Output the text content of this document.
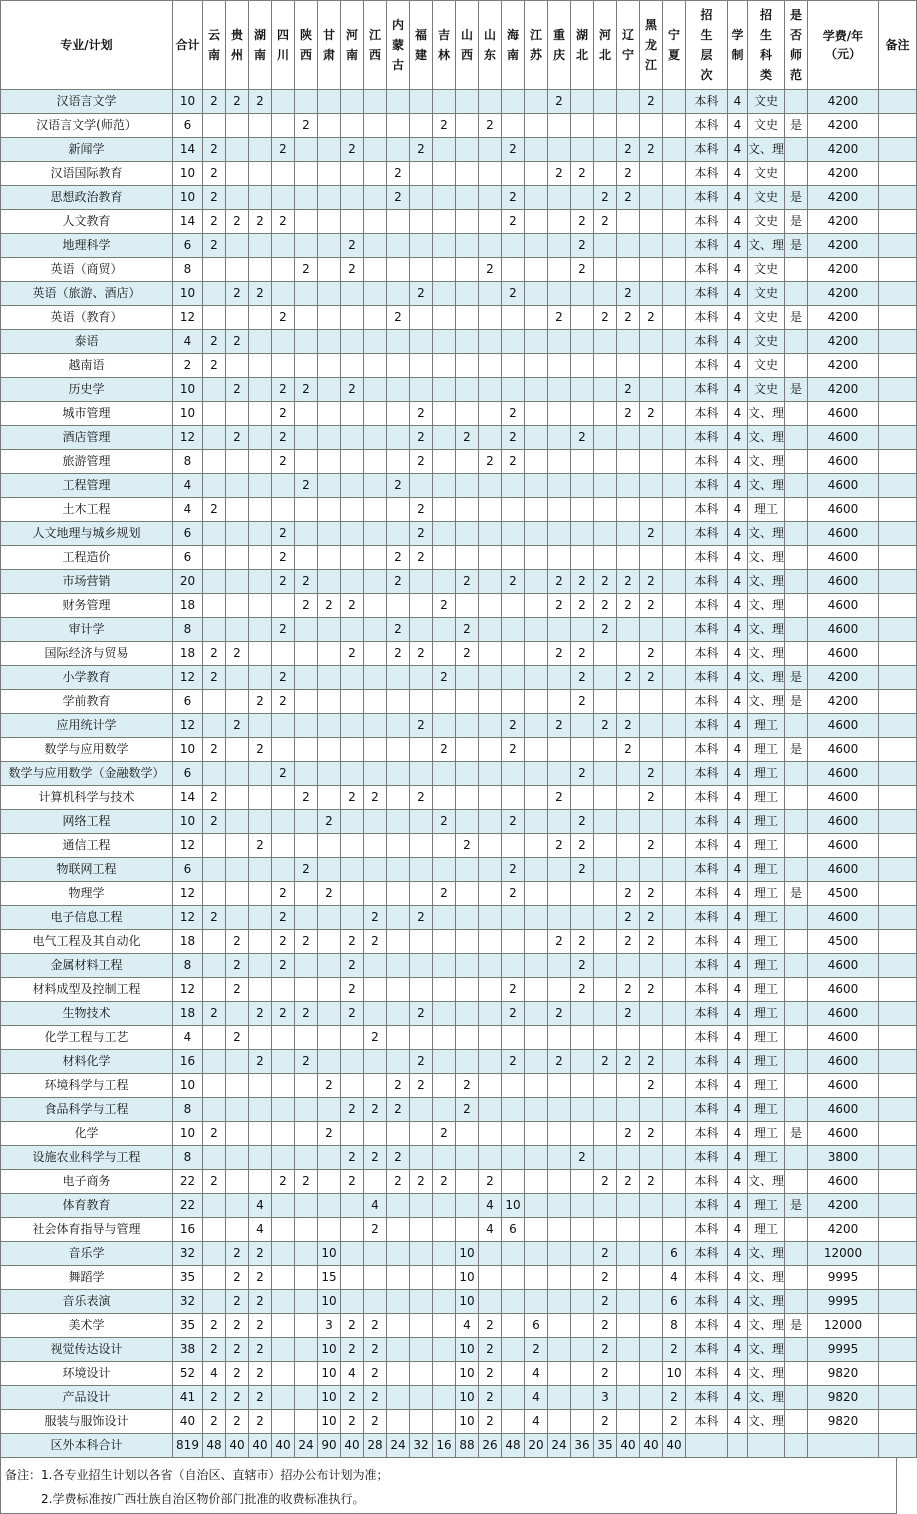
专业/计划	合计	云南	贵州	湖南	四川	陕西	甘肃	河南	江西	内蒙古	福建	吉林	山西	山东	海南	江苏	重庆	湖北	河北	辽宁	黑龙江	宁夏	招生层次	学制	招生科类	是否师范	学费/年（元）	备注
汉语言文学	10	2	2	2													2				2		本科	4	文史		4200	
汉语言文学(师范）	6					2						2		2									本科	4	文史	是	4200	
新闻学	14	2			2			2			2				2					2	2		本科	4	文、理		4200	
汉语国际教育	10	2								2							2	2		2			本科	4	文史		4200	
思想政治教育	10	2								2					2				2	2			本科	4	文史	是	4200	
人文教育	14	2	2	2	2										2			2	2				本科	4	文史	是	4200	
地理科学	6	2						2										2					本科	4	文、理	是	4200	
英语（商贸）	8					2		2						2				2					本科	4	文史		4200	
英语（旅游、酒店）	10		2	2							2				2					2			本科	4	文史		4200	
英语（教育）	12				2					2							2		2	2	2		本科	4	文史	是	4200	
泰语	4	2	2																				本科	4	文史		4200	
越南语	2	2																					本科	4	文史		4200	
历史学	10		2		2	2		2												2			本科	4	文史	是	4200	
城市管理	10				2						2				2					2	2		本科	4	文、理		4600	
酒店管理	12		2		2						2		2		2			2					本科	4	文、理		4600	
旅游管理	8				2						2			2	2								本科	4	文、理		4600	
工程管理	4					2				2													本科	4	文、理		4600	
土木工程	4	2									2												本科	4	理工		4600	
人文地理与城乡规划	6				2						2										2		本科	4	文、理		4600	
工程造价	6				2					2	2												本科	4	文、理		4600	
市场营销	20				2	2				2			2		2		2	2	2	2	2		本科	4	文、理		4600	
财务管理	18					2	2	2				2					2	2	2	2	2		本科	4	文、理		4600	
审计学	8				2					2			2						2				本科	4	文、理		4600	
国际经济与贸易	18	2	2					2		2	2		2				2	2			2		本科	4	文、理		4600	
小学教育	12	2			2							2						2		2	2		本科	4	文、理	是	4200	
学前教育	6			2	2													2					本科	4	文、理	是	4200	
应用统计学	12		2								2				2		2		2	2			本科	4	理工		4600	
数学与应用数学	10	2		2								2			2					2			本科	4	理工	是	4600	
数学与应用数学（金融数学）	6				2													2			2		本科	4	理工		4600	
计算机科学与技术	14	2				2		2	2		2						2				2		本科	4	理工		4600	
网络工程	10	2					2					2			2			2					本科	4	理工		4600	
通信工程	12			2									2				2	2			2		本科	4	理工		4600	
物联网工程	6					2									2			2					本科	4	理工		4600	
物理学	12				2		2					2			2					2	2		本科	4	理工	是	4500	
电子信息工程	12	2			2				2		2									2	2		本科	4	理工		4600	
电气工程及其自动化	18		2		2	2		2	2								2	2		2	2		本科	4	理工		4500	
金属材料工程	8		2		2			2										2					本科	4	理工		4600	
材料成型及控制工程	12		2					2							2			2		2	2		本科	4	理工		4600	
生物技术	18	2		2	2	2		2			2				2		2			2			本科	4	理工		4600	
化学工程与工艺	4		2						2														本科	4	理工		4600	
材料化学	16			2		2					2				2		2		2	2	2		本科	4	理工		4600	
环境科学与工程	10						2			2	2		2								2		本科	4	理工		4600	
食品科学与工程	8							2	2	2			2										本科	4	理工		4600	
化学	10	2					2					2								2	2		本科	4	理工	是	4600	
设施农业科学与工程	8							2	2	2								2					本科	4	理工		3800	
电子商务	22	2			2	2		2		2	2	2		2					2	2	2		本科	4	文、理		4600	
体育教育	22			4					4					4	10								本科	4	理工	是	4200	
社会体育指导与管理	16			4					2					4	6								本科	4	理工		4200	
音乐学	32		2	2			10						10						2			6	本科	4	文、理		12000	
舞蹈学	35		2	2			15						10						2			4	本科	4	文、理		9995	
音乐表演	32		2	2			10						10						2			6	本科	4	文、理		9995	
美术学	35	2	2	2			3	2	2				4	2		6			2			8	本科	4	文、理	是	12000	
视觉传达设计	38	2	2	2			10	2	2				10	2		2			2			2	本科	4	文、理		9995	
环境设计	52	4	2	2			10	4	2				10	2		4			2			10	本科	4	文、理		9820	
产品设计	41	2	2	2			10	2	2				10	2		4			3			2	本科	4	文、理		9820	
服装与服饰设计	40	2	2	2			10	2	2				10	2		4			2			2	本科	4	文、理		9820	
区外本科合计	819	48	40	40	40	24	90	40	28	24	32	16	88	26	48	20	24	36	35	40	40	40						
备注：1.各专业招生计划以各省（自治区、直辖市）招办公布计划为准；
2.学费标准按广西壮族自治区物价部门批准的收费标准执行。
